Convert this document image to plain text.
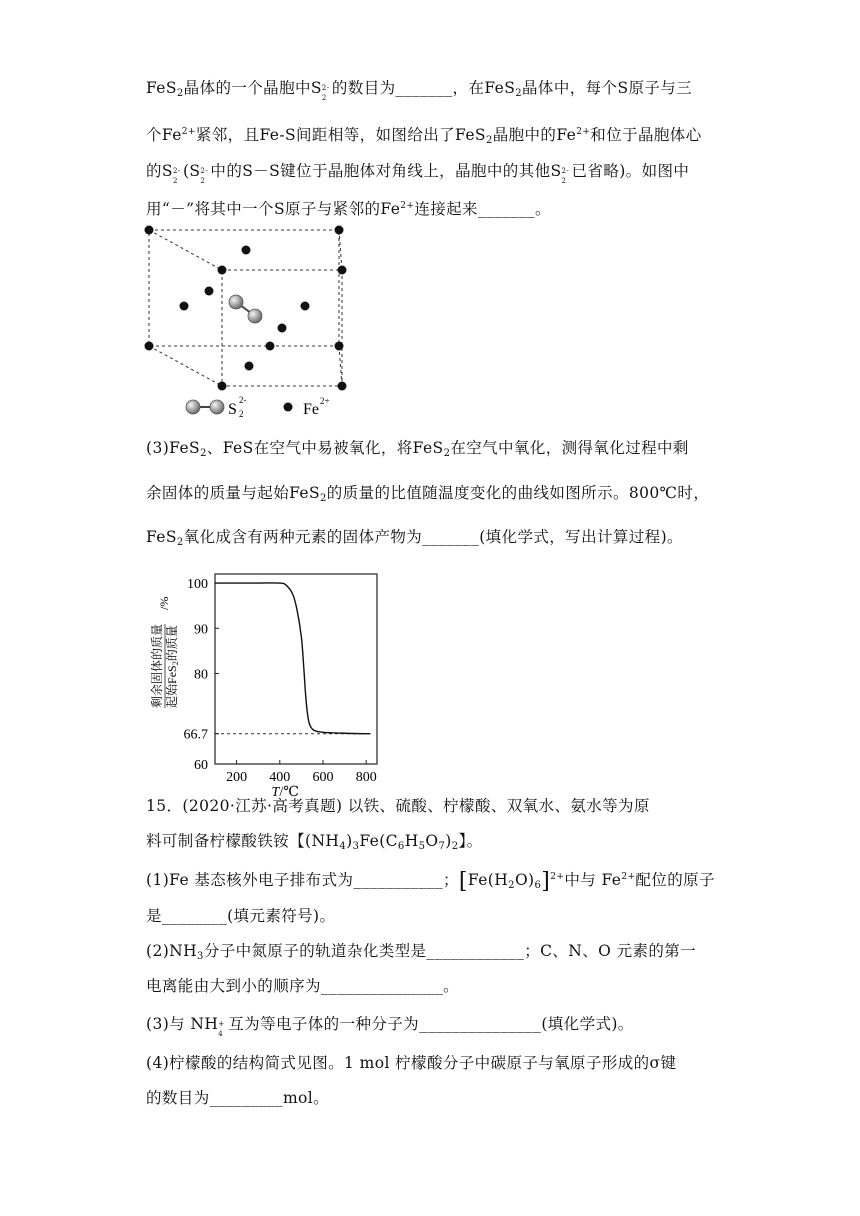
FeS$_2$晶体的一个晶胞中S 2-
2
的数目为_______，在FeS$_2$晶体中，每个S原子与三
个$Fe^{2+}$紧邻，且Fe-S间距相等，如图给出了FeS$_2$晶胞中的$Fe^{2+}$和位于晶胞体心
的S 2-
2
(S 2-
2
中的S－S键位于晶胞体对角线上，晶胞中的其他S 2-
2
已省略)。如图中
用“－”将其中一个S原子与紧邻的$Fe^{2+}$连接起来_______。
S
2-
2	Fe 2+
(3)FeS$_2$、FeS在空气中易被氧化，将FeS$_2$在空气中氧化，测得氧化过程中剩
余固体的质量与起始FeS$_2$的质量的比值随温度变化的曲线如图所示。800℃时，
FeS$_2$氧化成含有两种元素的固体产物为_______(填化学式，写出计算过程)。
100
90
80
66.7
60
200 400 600 800
T/℃
剩余固体的质量 起始FeS2的质量
/%
15．(2020·江苏·高考真题) 以铁、硫酸、柠檬酸、双氧水、氨水等为原
料可制备柠檬酸铁铵【$(NH_4)_3Fe(C_6H_5O_7)_2$】。
(1)Fe 基态核外电子排布式为___________；$[Fe(H_2O)_6]^{2+}$中与 $Fe^{2+}$配位的原子
是________(填元素符号)。
$(2)NH_3$分子中氮原子的轨道杂化类型是____________；C、N、O 元素的第一
电离能由大到小的顺序为_______________。
(3)与 NH +
4
互为等电子体的一种分子为_______________(填化学式)。
(4)柠檬酸的结构简式见图。1 mol 柠檬酸分子中碳原子与氧原子形成的σ键
的数目为_________mol。
